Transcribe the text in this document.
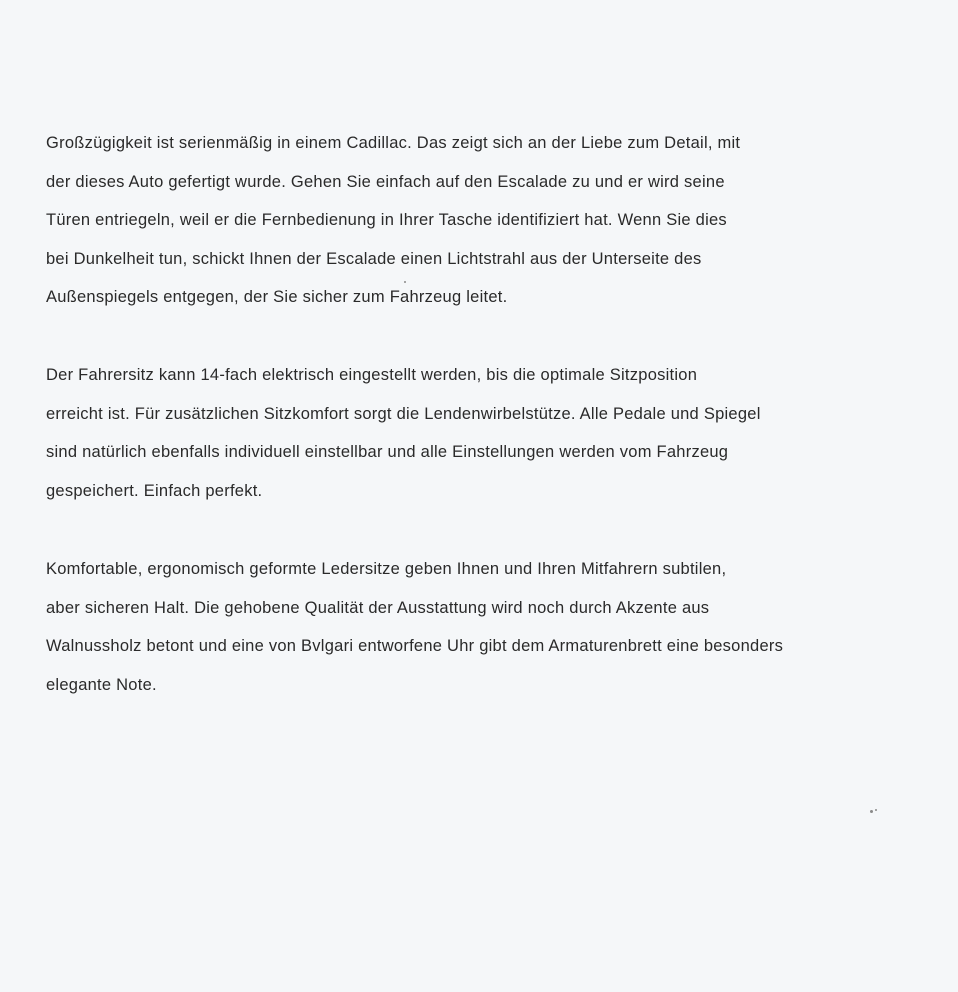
Großzügigkeit ist serienmäßig in einem Cadillac. Das zeigt sich an der Liebe zum Detail, mit
der dieses Auto gefertigt wurde. Gehen Sie einfach auf den Escalade zu und er wird seine
Türen entriegeln, weil er die Fernbedienung in Ihrer Tasche identifiziert hat. Wenn Sie dies
bei Dunkelheit tun, schickt Ihnen der Escalade einen Lichtstrahl aus der Unterseite des
Außenspiegels entgegen, der Sie sicher zum Fahrzeug leitet.
Der Fahrersitz kann 14-fach elektrisch eingestellt werden, bis die optimale Sitzposition
erreicht ist. Für zusätzlichen Sitzkomfort sorgt die Lendenwirbelstütze. Alle Pedale und Spiegel
sind natürlich ebenfalls individuell einstellbar und alle Einstellungen werden vom Fahrzeug
gespeichert. Einfach perfekt.
Komfortable, ergonomisch geformte Ledersitze geben Ihnen und Ihren Mitfahrern subtilen,
aber sicheren Halt. Die gehobene Qualität der Ausstattung wird noch durch Akzente aus
Walnussholz betont und eine von Bvlgari entworfene Uhr gibt dem Armaturenbrett eine besonders
elegante Note.
